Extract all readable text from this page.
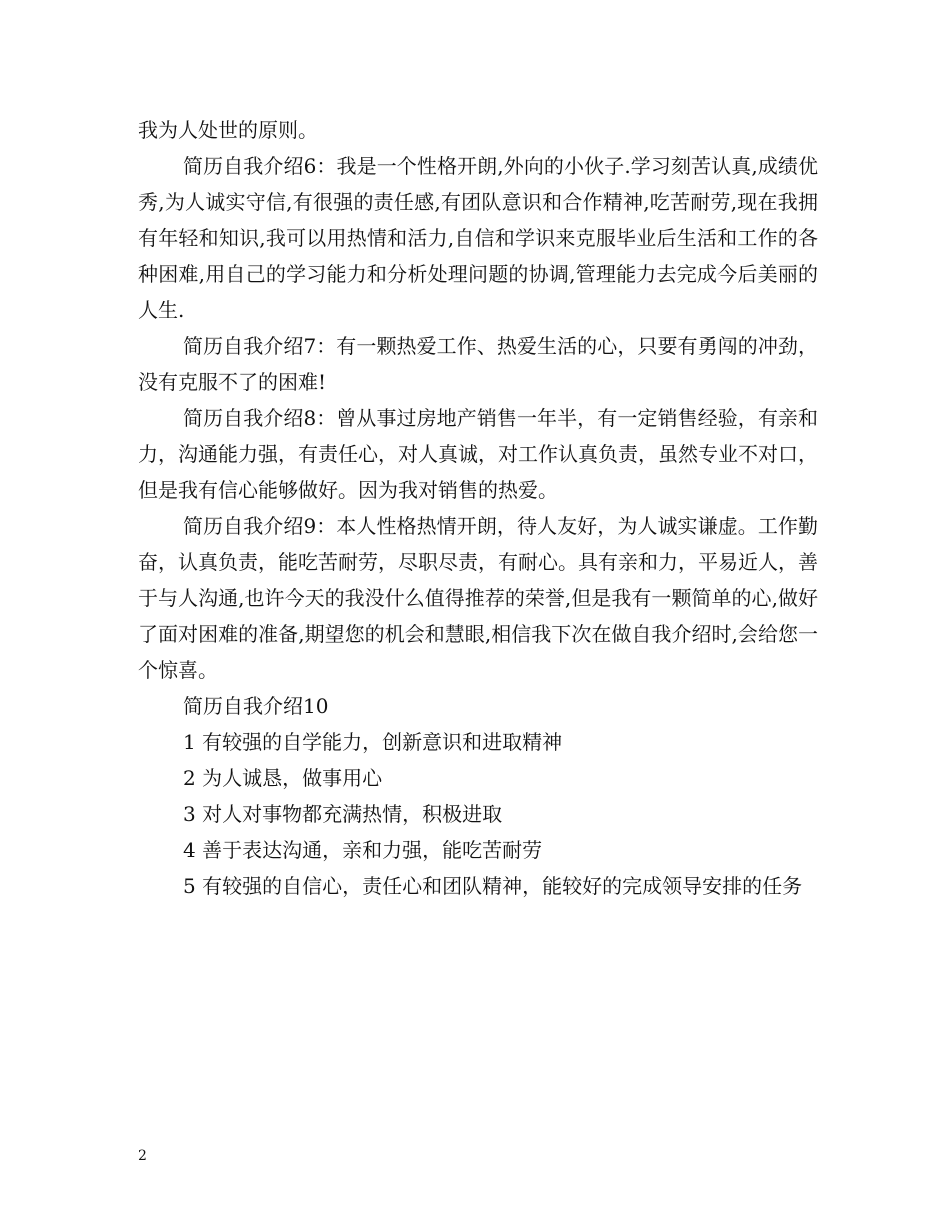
我为人处世的原则。

简历自我介绍6：我是一个性格开朗,外向的小伙子.学习刻苦认真,成绩优秀,为人诚实守信,有很强的责任感,有团队意识和合作精神,吃苦耐劳,现在我拥有年轻和知识,我可以用热情和活力,自信和学识来克服毕业后生活和工作的各种困难,用自己的学习能力和分析处理问题的协调,管理能力去完成今后美丽的人生.

简历自我介绍7：有一颗热爱工作、热爱生活的心，只要有勇闯的冲劲，没有克服不了的困难!

简历自我介绍8：曾从事过房地产销售一年半，有一定销售经验，有亲和力，沟通能力强，有责任心，对人真诚，对工作认真负责，虽然专业不对口，但是我有信心能够做好。因为我对销售的热爱。

简历自我介绍9：本人性格热情开朗，待人友好，为人诚实谦虚。工作勤奋，认真负责，能吃苦耐劳，尽职尽责，有耐心。具有亲和力，平易近人，善于与人沟通,也许今天的我没什么值得推荐的荣誉,但是我有一颗简单的心,做好了面对困难的准备,期望您的机会和慧眼,相信我下次在做自我介绍时,会给您一个惊喜。

简历自我介绍10

1 有较强的自学能力，创新意识和进取精神

2 为人诚恳，做事用心

3 对人对事物都充满热情，积极进取

4 善于表达沟通，亲和力强，能吃苦耐劳

5 有较强的自信心，责任心和团队精神，能较好的完成领导安排的任务

2
